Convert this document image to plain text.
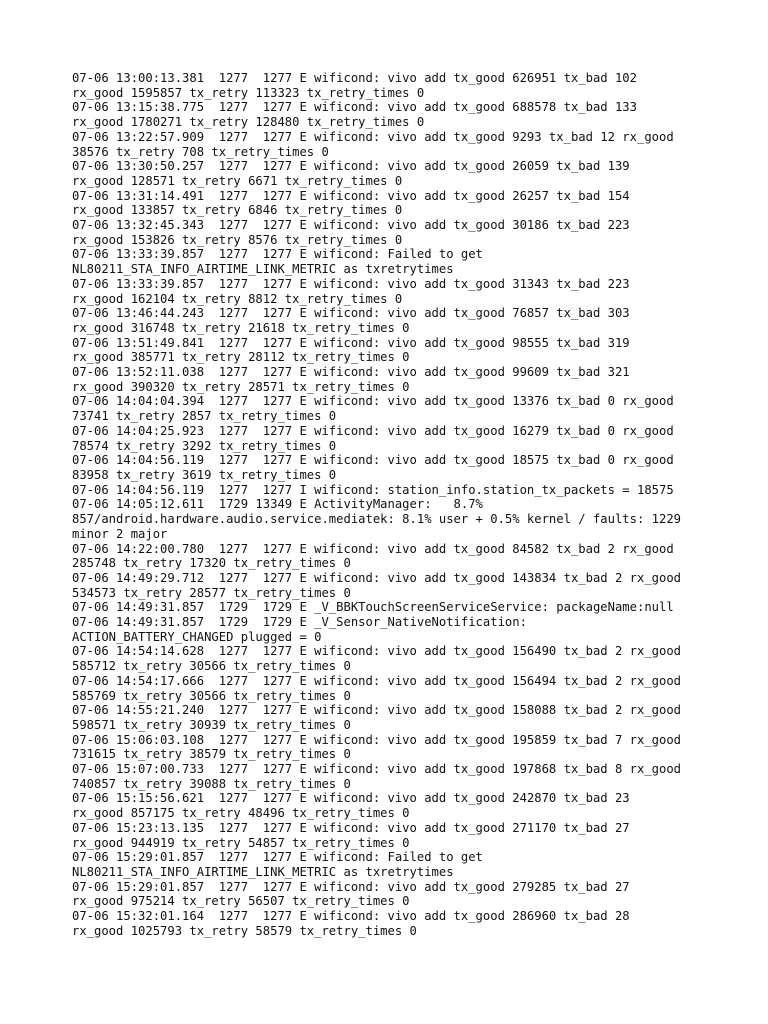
07-06 13:00:13.381  1277  1277 E wificond: vivo add tx_good 626951 tx_bad 102

rx_good 1595857 tx_retry 113323 tx_retry_times 0

07-06 13:15:38.775  1277  1277 E wificond: vivo add tx_good 688578 tx_bad 133

rx_good 1780271 tx_retry 128480 tx_retry_times 0

07-06 13:22:57.909  1277  1277 E wificond: vivo add tx_good 9293 tx_bad 12 rx_good

38576 tx_retry 708 tx_retry_times 0

07-06 13:30:50.257  1277  1277 E wificond: vivo add tx_good 26059 tx_bad 139

rx_good 128571 tx_retry 6671 tx_retry_times 0

07-06 13:31:14.491  1277  1277 E wificond: vivo add tx_good 26257 tx_bad 154

rx_good 133857 tx_retry 6846 tx_retry_times 0

07-06 13:32:45.343  1277  1277 E wificond: vivo add tx_good 30186 tx_bad 223

rx_good 153826 tx_retry 8576 tx_retry_times 0

07-06 13:33:39.857  1277  1277 E wificond: Failed to get

NL80211_STA_INFO_AIRTIME_LINK_METRIC as txretrytimes

07-06 13:33:39.857  1277  1277 E wificond: vivo add tx_good 31343 tx_bad 223

rx_good 162104 tx_retry 8812 tx_retry_times 0

07-06 13:46:44.243  1277  1277 E wificond: vivo add tx_good 76857 tx_bad 303

rx_good 316748 tx_retry 21618 tx_retry_times 0

07-06 13:51:49.841  1277  1277 E wificond: vivo add tx_good 98555 tx_bad 319

rx_good 385771 tx_retry 28112 tx_retry_times 0

07-06 13:52:11.038  1277  1277 E wificond: vivo add tx_good 99609 tx_bad 321

rx_good 390320 tx_retry 28571 tx_retry_times 0

07-06 14:04:04.394  1277  1277 E wificond: vivo add tx_good 13376 tx_bad 0 rx_good

73741 tx_retry 2857 tx_retry_times 0

07-06 14:04:25.923  1277  1277 E wificond: vivo add tx_good 16279 tx_bad 0 rx_good

78574 tx_retry 3292 tx_retry_times 0

07-06 14:04:56.119  1277  1277 E wificond: vivo add tx_good 18575 tx_bad 0 rx_good

83958 tx_retry 3619 tx_retry_times 0

07-06 14:04:56.119  1277  1277 I wificond: station_info.station_tx_packets = 18575

07-06 14:05:12.611  1729 13349 E ActivityManager:   8.7%

857/android.hardware.audio.service.mediatek: 8.1% user + 0.5% kernel / faults: 1229

minor 2 major

07-06 14:22:00.780  1277  1277 E wificond: vivo add tx_good 84582 tx_bad 2 rx_good

285748 tx_retry 17320 tx_retry_times 0

07-06 14:49:29.712  1277  1277 E wificond: vivo add tx_good 143834 tx_bad 2 rx_good

534573 tx_retry 28577 tx_retry_times 0

07-06 14:49:31.857  1729  1729 E _V_BBKTouchScreenServiceService: packageName:null

07-06 14:49:31.857  1729  1729 E _V_Sensor_NativeNotification:

ACTION_BATTERY_CHANGED plugged = 0

07-06 14:54:14.628  1277  1277 E wificond: vivo add tx_good 156490 tx_bad 2 rx_good

585712 tx_retry 30566 tx_retry_times 0

07-06 14:54:17.666  1277  1277 E wificond: vivo add tx_good 156494 tx_bad 2 rx_good

585769 tx_retry 30566 tx_retry_times 0

07-06 14:55:21.240  1277  1277 E wificond: vivo add tx_good 158088 tx_bad 2 rx_good

598571 tx_retry 30939 tx_retry_times 0

07-06 15:06:03.108  1277  1277 E wificond: vivo add tx_good 195859 tx_bad 7 rx_good

731615 tx_retry 38579 tx_retry_times 0

07-06 15:07:00.733  1277  1277 E wificond: vivo add tx_good 197868 tx_bad 8 rx_good

740857 tx_retry 39088 tx_retry_times 0

07-06 15:15:56.621  1277  1277 E wificond: vivo add tx_good 242870 tx_bad 23

rx_good 857175 tx_retry 48496 tx_retry_times 0

07-06 15:23:13.135  1277  1277 E wificond: vivo add tx_good 271170 tx_bad 27

rx_good 944919 tx_retry 54857 tx_retry_times 0

07-06 15:29:01.857  1277  1277 E wificond: Failed to get

NL80211_STA_INFO_AIRTIME_LINK_METRIC as txretrytimes

07-06 15:29:01.857  1277  1277 E wificond: vivo add tx_good 279285 tx_bad 27

rx_good 975214 tx_retry 56507 tx_retry_times 0

07-06 15:32:01.164  1277  1277 E wificond: vivo add tx_good 286960 tx_bad 28

rx_good 1025793 tx_retry 58579 tx_retry_times 0
